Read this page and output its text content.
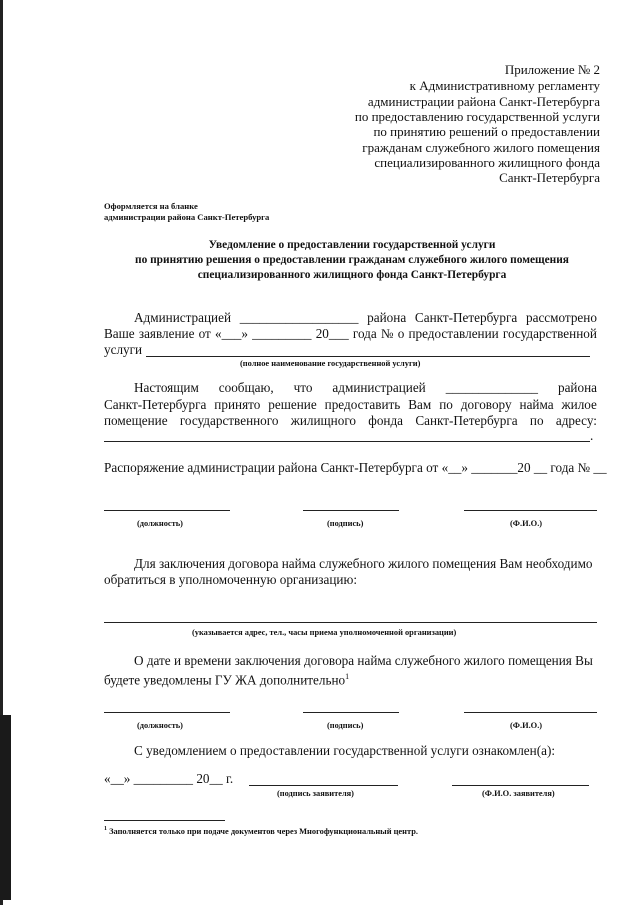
Приложение № 2
к Административному регламенту
администрации района Санкт-Петербурга
по предоставлению государственной услуги
по принятию решений о предоставлении
гражданам служебного жилого помещения
специализированного жилищного фонда
Санкт-Петербурга
Оформляется на бланке
администрации района Санкт-Петербурга
Уведомление о предоставлении государственной услуги
по принятию решения о предоставлении гражданам служебного жилого помещения
специализированного жилищного фонда Санкт-Петербурга
Администрацией __________________ района Санкт-Петербурга рассмотрено
Ваше заявление от «___» _________ 20___ года № о предоставлении государственной
услуги
(полное наименование государственной услуги)
Настоящим сообщаю, что администрацией ______________ района
Санкт-Петербурга принято решение предоставить Вам по договору найма жилое
помещение государственного жилищного фонда Санкт-Петербурга по адресу:
.
Распоряжение администрации района Санкт-Петербурга от «__» _______20 __ года № __
(должность)	(подпись)	(Ф.И.О.)
Для заключения договора найма служебного жилого помещения Вам необходимо
обратиться в уполномоченную организацию:
(указывается адрес, тел., часы приема уполномоченной организации)
О дате и времени заключения договора найма служебного жилого помещения Вы
будете уведомлены ГУ ЖА дополнительно$^1$
(должность)	(подпись)	(Ф.И.О.)
С уведомлением о предоставлении государственной услуги ознакомлен(а):
«__» _________ 20__ г.
(подпись заявителя)	(Ф.И.О. заявителя)
$^1$ Заполняется только при подаче документов через Многофункциональный центр.
